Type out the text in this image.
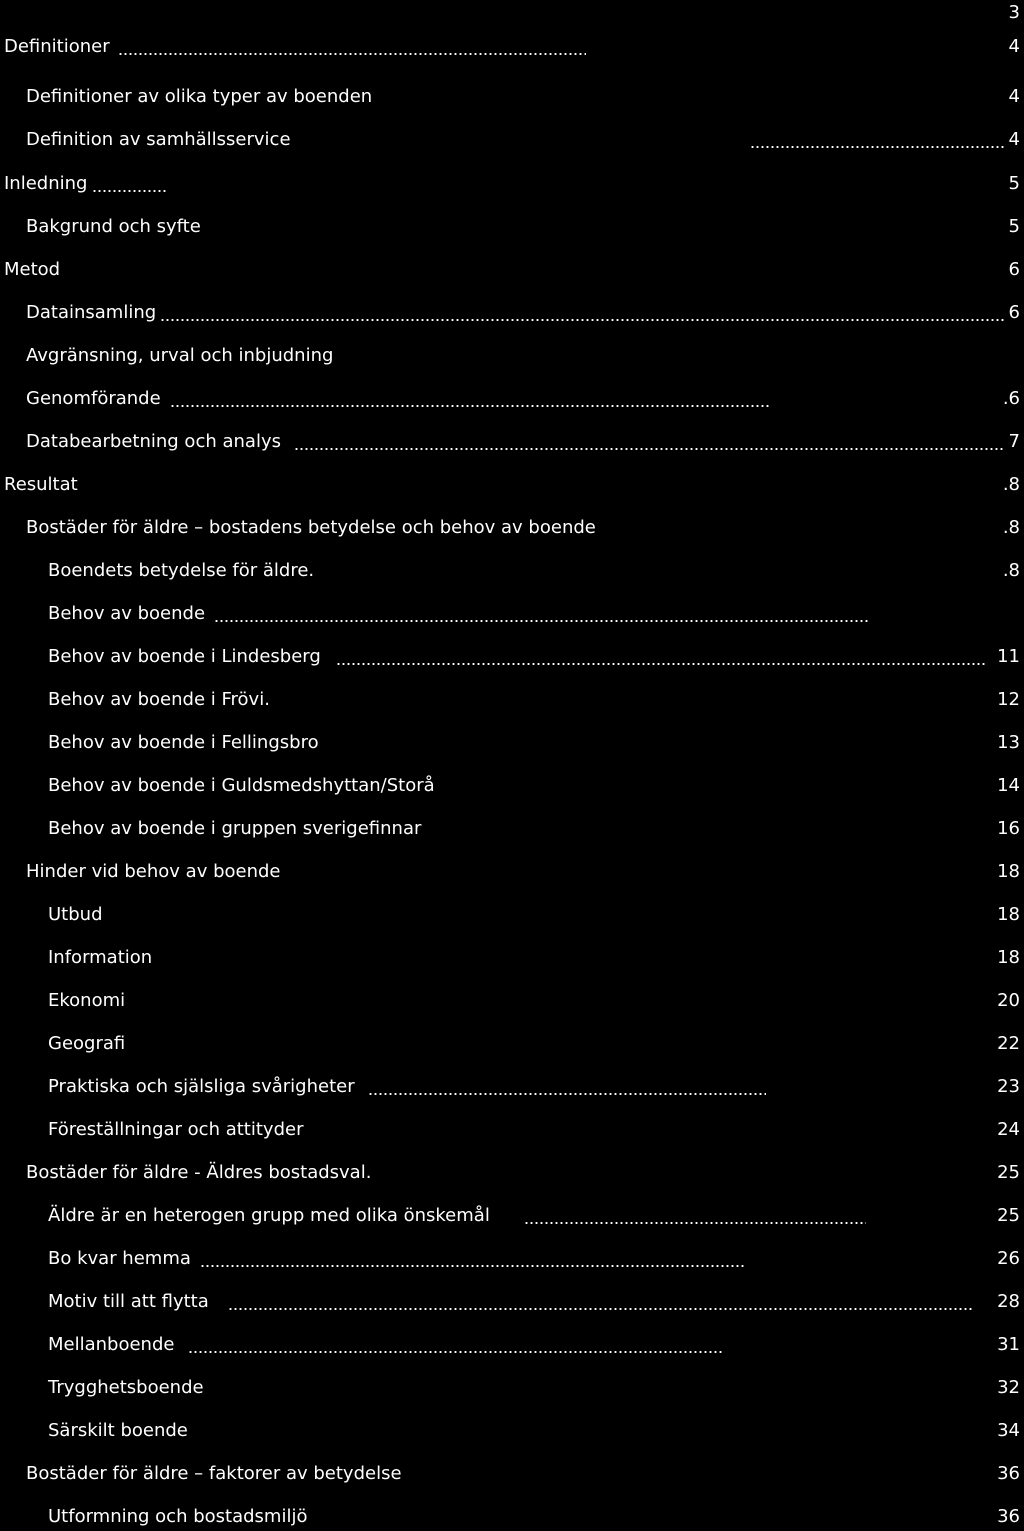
3
Definitioner	4
Definitioner av olika typer av boenden	4
Definition av samhällsservice	4
Inledning	5
Bakgrund och syfte	5
Metod	6
Datainsamling	6
Avgränsning, urval och inbjudning
Genomförande	.6
Databearbetning och analys	7
Resultat	.8
Bostäder för äldre – bostadens betydelse och behov av boende	.8
Boendets betydelse för äldre.	.8
Behov av boende
Behov av boende i Lindesberg	11
Behov av boende i Frövi.	12
Behov av boende i Fellingsbro	13
Behov av boende i Guldsmedshyttan/Storå	14
Behov av boende i gruppen sverigefinnar	16
Hinder vid behov av boende	18
Utbud	18
Information	18
Ekonomi	20
Geografi	22
Praktiska och själsliga svårigheter	23
Föreställningar och attityder	24
Bostäder för äldre - Äldres bostadsval.	25
Äldre är en heterogen grupp med olika önskemål	25
Bo kvar hemma	26
Motiv till att flytta	28
Mellanboende	31
Trygghetsboende	32
Särskilt boende	34
Bostäder för äldre – faktorer av betydelse	36
Utformning och bostadsmiljö	36
